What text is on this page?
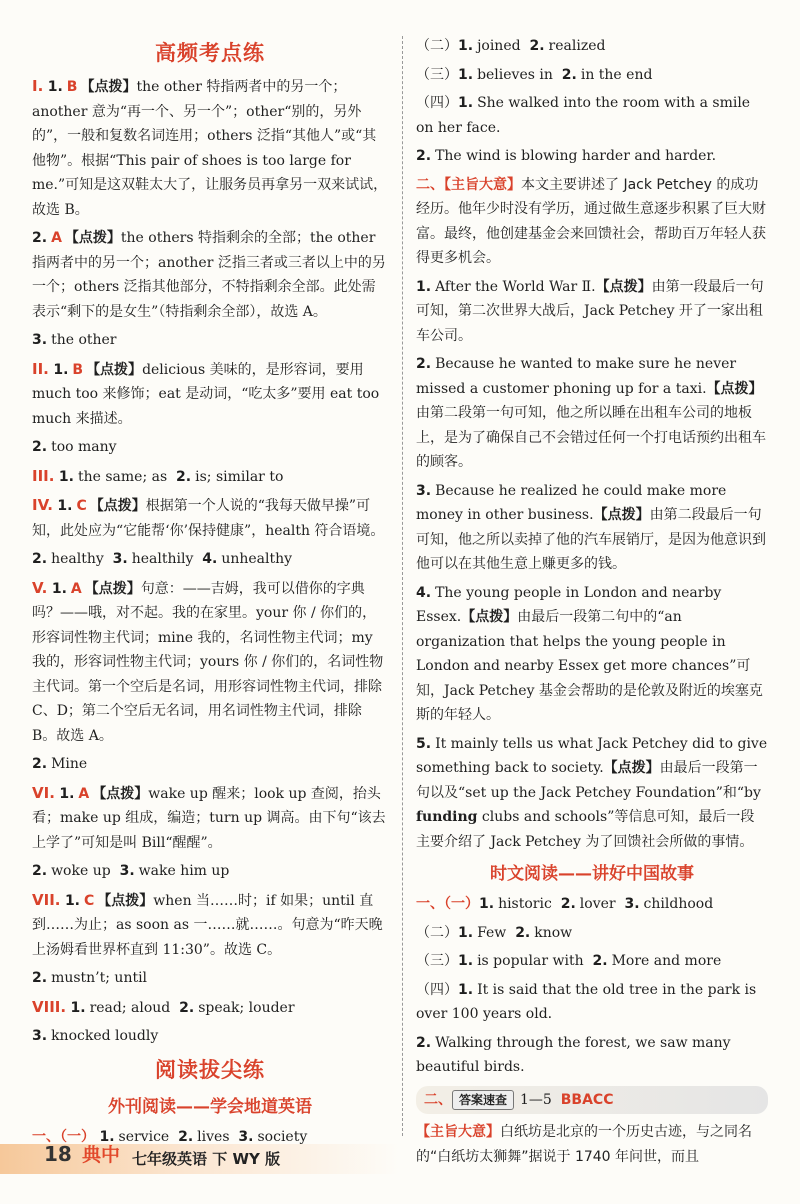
高频考点练
I. 1. B 【点拨】the other 特指两者中的另一个；another 意为“再一个、另一个”；other“别的，另外的”，一般和复数名词连用；others 泛指“其他人”或“其他物”。根据“This pair of shoes is too large for me.”可知是这双鞋太大了，让服务员再拿另一双来试试，故选 B。
2. A 【点拨】the others 特指剩余的全部；the other 指两者中的另一个；another 泛指三者或三者以上中的另一个；others 泛指其他部分，不特指剩余全部。此处需表示“剩下的是女生”（特指剩余全部），故选 A。
3. the other
II. 1. B 【点拨】delicious 美味的，是形容词，要用 much too 来修饰；eat 是动词，“吃太多”要用 eat too much 来描述。
2. too many
III. 1. the same; as 2. is; similar to
IV. 1. C 【点拨】根据第一个人说的“我每天做早操”可知，此处应为“它能帮‘你’保持健康”，health 符合语境。
2. healthy 3. healthily 4. unhealthy
V. 1. A 【点拨】句意：——吉姆，我可以借你的字典吗？——哦，对不起。我的在家里。your 你 / 你们的，形容词性物主代词；mine 我的，名词性物主代词；my 我的，形容词性物主代词；yours 你 / 你们的，名词性物主代词。第一个空后是名词，用形容词性物主代词，排除 C、D；第二个空后无名词，用名词性物主代词，排除 B。故选 A。
2. Mine
VI. 1. A 【点拨】wake up 醒来；look up 查阅，抬头看；make up 组成，编造；turn up 调高。由下句“该去上学了”可知是叫 Bill“醒醒”。
2. woke up 3. wake him up
VII. 1. C 【点拨】when 当……时；if 如果；until 直到……为止；as soon as 一……就……。句意为“昨天晚上汤姆看世界杯直到 11:30”。故选 C。
2. mustn’t; until
VIII. 1. read; aloud 2. speak; louder
3. knocked loudly
阅读拔尖练
外刊阅读——学会地道英语
一、（一） 1. service 2. lives 3. society
（二）1. joined 2. realized
（三）1. believes in 2. in the end
（四）1. She walked into the room with a smile on her face.
2. The wind is blowing harder and harder.
二、【主旨大意】本文主要讲述了 Jack Petchey 的成功经历。他年少时没有学历，通过做生意逐步积累了巨大财富。最终，他创建基金会来回馈社会，帮助百万年轻人获得更多机会。
1. After the World War Ⅱ.【点拨】由第一段最后一句可知，第二次世界大战后，Jack Petchey 开了一家出租车公司。
2. Because he wanted to make sure he never missed a customer phoning up for a taxi.【点拨】由第二段第一句可知，他之所以睡在出租车公司的地板上，是为了确保自己不会错过任何一个打电话预约出租车的顾客。
3. Because he realized he could make more money in other business.【点拨】由第二段最后一句可知，他之所以卖掉了他的汽车展销厅，是因为他意识到他可以在其他生意上赚更多的钱。
4. The young people in London and nearby Essex.【点拨】由最后一段第二句中的“an organization that helps the young people in London and nearby Essex get more chances”可知，Jack Petchey 基金会帮助的是伦敦及附近的埃塞克斯的年轻人。
5. It mainly tells us what Jack Petchey did to give something back to society.【点拨】由最后一段第一句以及“set up the Jack Petchey Foundation”和“by funding clubs and schools”等信息可知，最后一段主要介绍了 Jack Petchey 为了回馈社会所做的事情。
时文阅读——讲好中国故事
一、（一）1. historic 2. lover 3. childhood
（二）1. Few 2. know
（三）1. is popular with 2. More and more
（四）1. It is said that the old tree in the park is over 100 years old.
2. Walking through the forest, we saw many beautiful birds.
二、 答案速查 1—5
BBACC
【主旨大意】白纸坊是北京的一个历史古迹，与之同名的“白纸坊太狮舞”据说于 1740 年问世，而且
18 典中 七年级英语 下 WY 版
